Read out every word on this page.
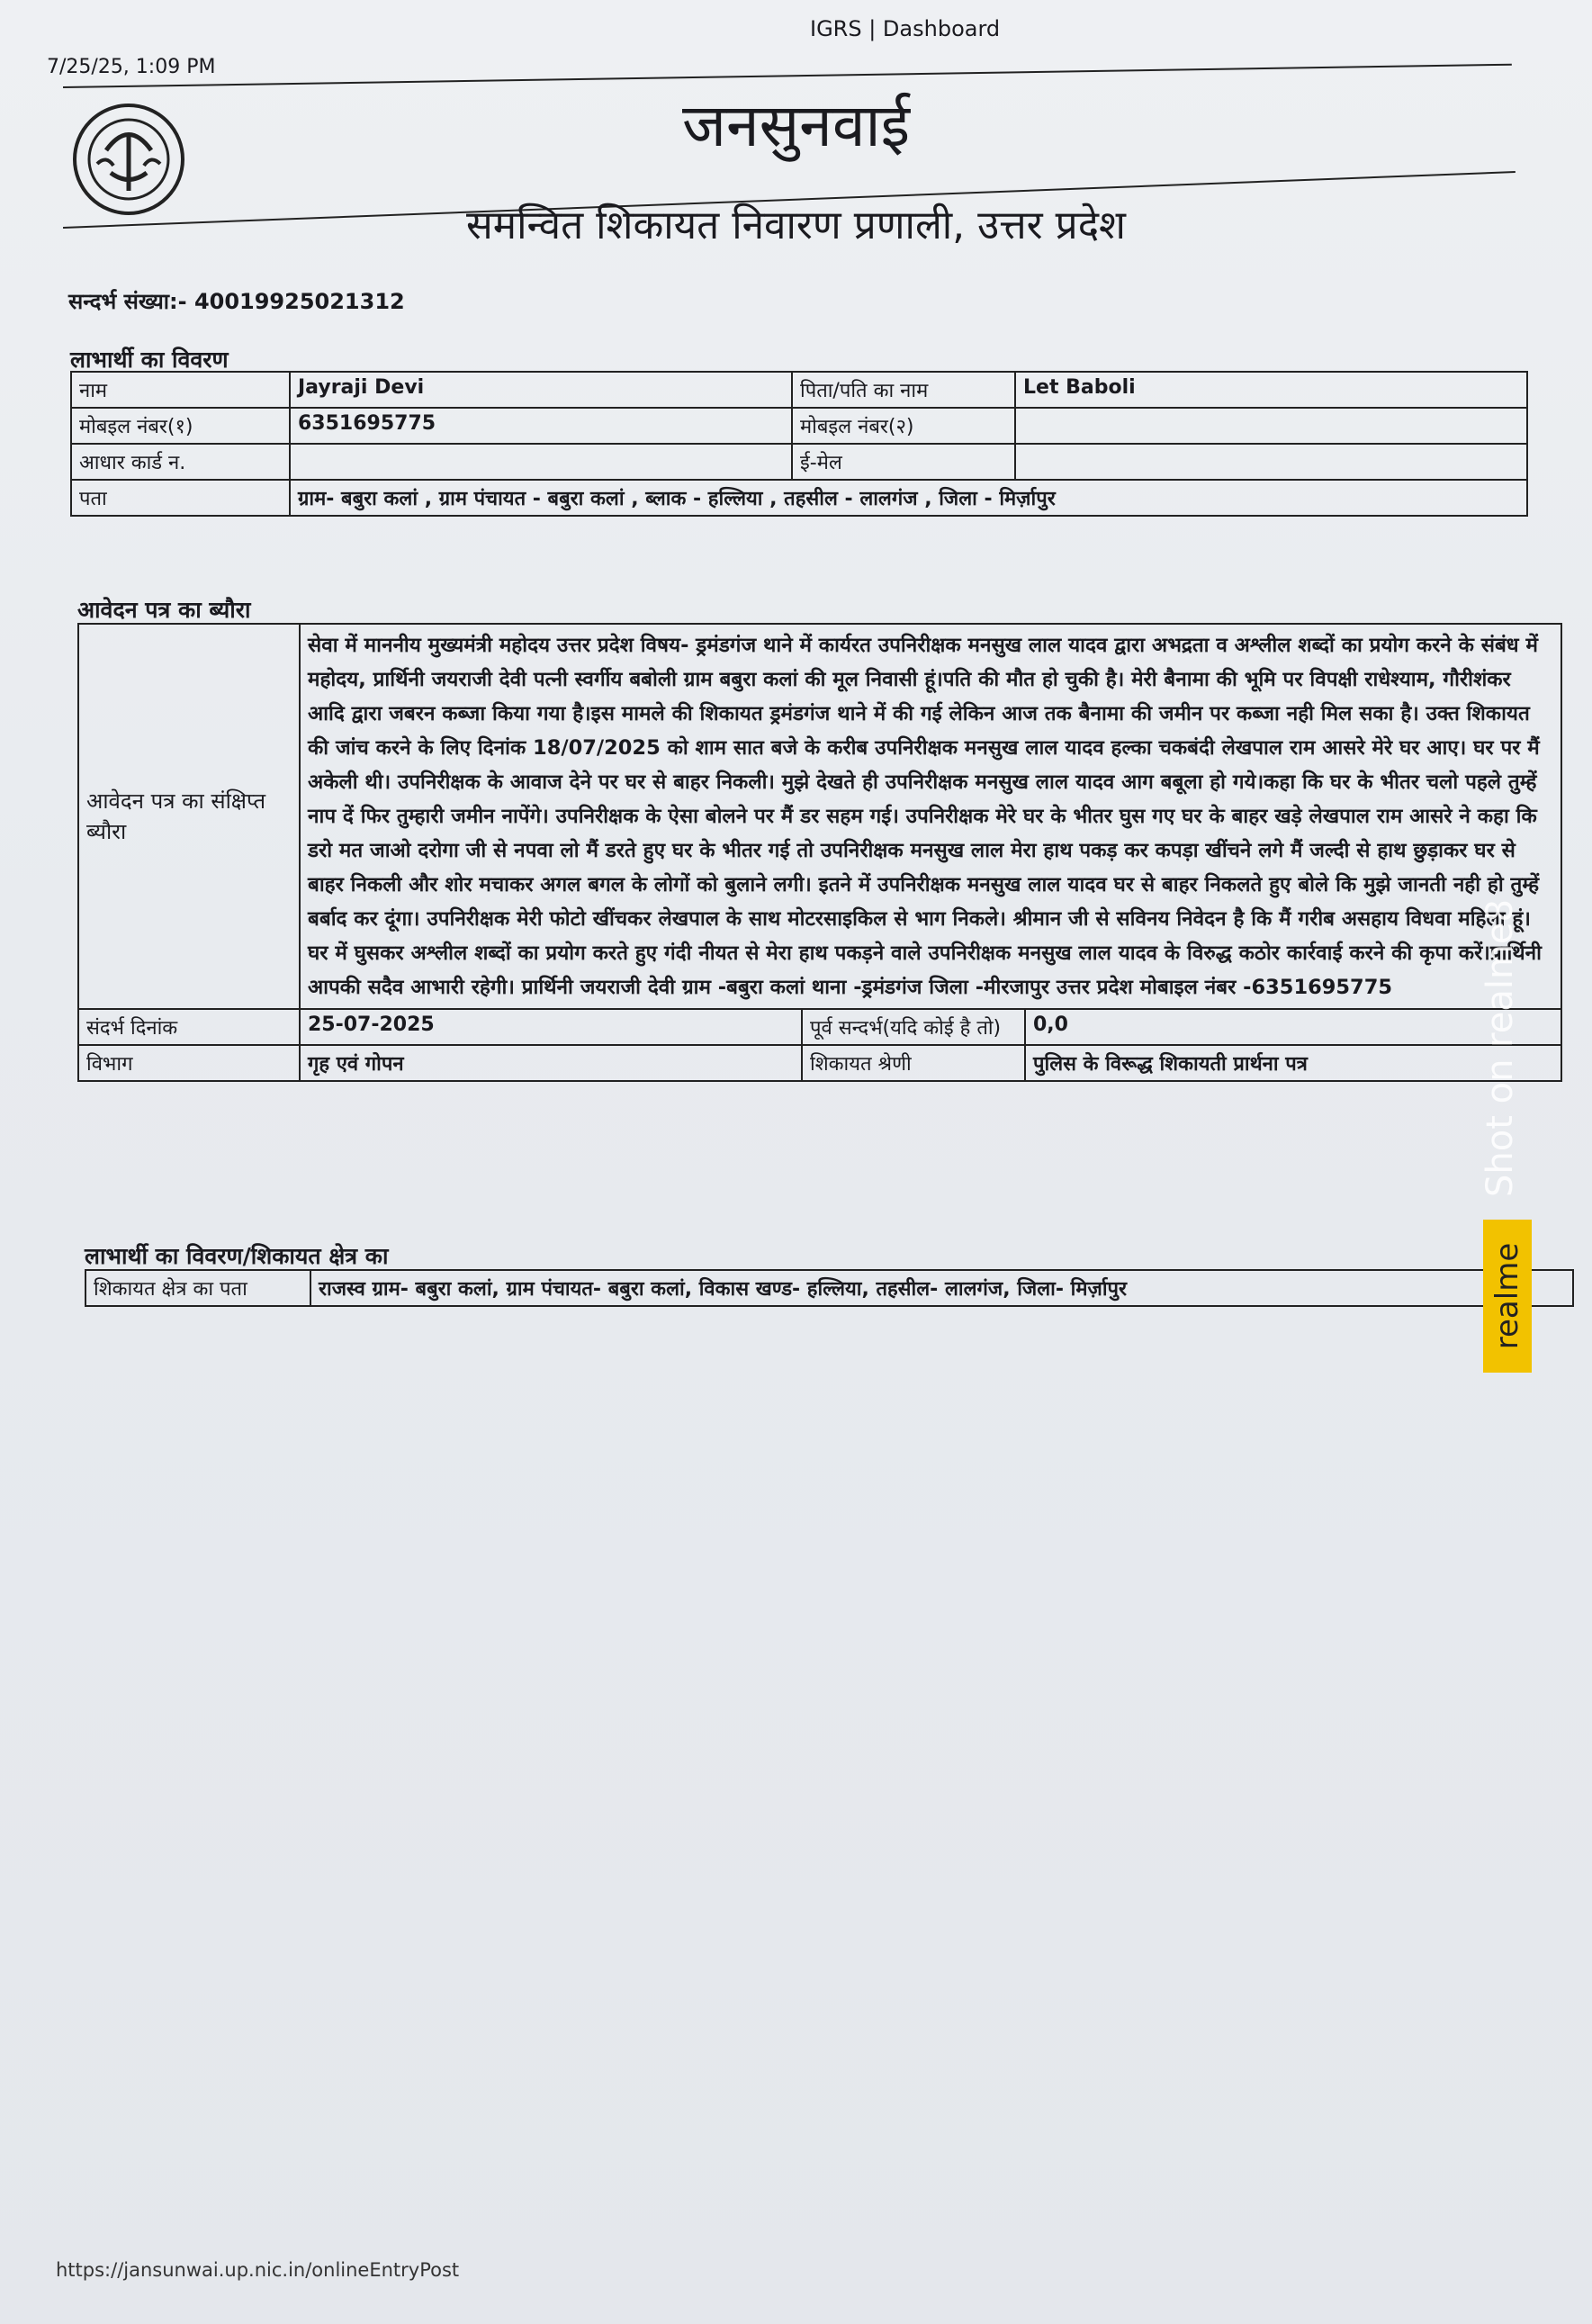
7/25/25, 1:09 PM
IGRS | Dashboard
जनसुनवाई
समन्वित शिकायत निवारण प्रणाली, उत्तर प्रदेश
सन्दर्भ संख्या:- 40019925021312
लाभार्थी का विवरण
नाम	Jayraji Devi	पिता/पति का नाम	Let Baboli
मोबइल नंबर(१)	6351695775	मोबइल नंबर(२)	
आधार कार्ड न.		ई-मेल	
पता	ग्राम- बबुरा कलां , ग्राम पंचायत - बबुरा कलां , ब्लाक - हल्लिया , तहसील - लालगंज , जिला - मिर्ज़ापुर		
आवेदन पत्र का ब्यौरा
आवेदन पत्र का संक्षिप्त ब्यौरा	सेवा में माननीय मुख्यमंत्री महोदय उत्तर प्रदेश विषय- ड्रमंडगंज थाने में कार्यरत उपनिरीक्षक मनसुख लाल यादव द्वारा अभद्रता व अश्लील शब्दों का प्रयोग करने के संबंध में महोदय, प्रार्थिनी जयराजी देवी पत्नी स्वर्गीय बबोली ग्राम बबुरा कलां की मूल निवासी हूं।पति की मौत हो चुकी है। मेरी बैनामा की भूमि पर विपक्षी राधेश्याम, गौरीशंकर आदि द्वारा जबरन कब्जा किया गया है।इस मामले की शिकायत ड्रमंडगंज थाने में की गई लेकिन आज तक बैनामा की जमीन पर कब्जा नही मिल सका है। उक्त शिकायत की जांच करने के लिए दिनांक 18/07/2025 को शाम सात बजे के करीब उपनिरीक्षक मनसुख लाल यादव हल्का चकबंदी लेखपाल राम आसरे मेरे घर आए। घर पर मैं अकेली थी। उपनिरीक्षक के आवाज देने पर घर से बाहर निकली। मुझे देखते ही उपनिरीक्षक मनसुख लाल यादव आग बबूला हो गये।कहा कि घर के भीतर चलो पहले तुम्हें नाप दें फिर तुम्हारी जमीन नापेंगे। उपनिरीक्षक के ऐसा बोलने पर मैं डर सहम गई। उपनिरीक्षक मेरे घर के भीतर घुस गए घर के बाहर खड़े लेखपाल राम आसरे ने कहा कि डरो मत जाओ दरोगा जी से नपवा लो मैं डरते हुए घर के भीतर गई तो उपनिरीक्षक मनसुख लाल मेरा हाथ पकड़ कर कपड़ा खींचने लगे मैं जल्दी से हाथ छुड़ाकर घर से बाहर निकली और शोर मचाकर अगल बगल के लोगों को बुलाने लगी। इतने में उपनिरीक्षक मनसुख लाल यादव घर से बाहर निकलते हुए बोले कि मुझे जानती नही हो तुम्हें बर्बाद कर दूंगा। उपनिरीक्षक मेरी फोटो खींचकर लेखपाल के साथ मोटरसाइकिल से भाग निकले। श्रीमान जी से सविनय निवेदन है कि मैं गरीब असहाय विधवा महिला हूं। घर में घुसकर अश्लील शब्दों का प्रयोग करते हुए गंदी नीयत से मेरा हाथ पकड़ने वाले उपनिरीक्षक मनसुख लाल यादव के विरुद्ध कठोर कार्रवाई करने की कृपा करें।प्रार्थिनी आपकी सदैव आभारी रहेगी। प्रार्थिनी जयराजी देवी ग्राम -बबुरा कलां थाना -ड्रमंडगंज जिला -मीरजापुर उत्तर प्रदेश मोबाइल नंबर -6351695775		
संदर्भ दिनांक	25-07-2025	पूर्व सन्दर्भ(यदि कोई है तो)	0,0
विभाग	गृह एवं गोपन	शिकायत श्रेणी	पुलिस के विरूद्ध शिकायती प्रार्थना पत्र
लाभार्थी का विवरण/शिकायत क्षेत्र का
शिकायत क्षेत्र का पता	राजस्व ग्राम- बबुरा कलां, ग्राम पंचायत- बबुरा कलां, विकास खण्ड- हल्लिया, तहसील- लालगंज, जिला- मिर्ज़ापुर
https://jansunwai.up.nic.in/onlineEntryPost
Shot on realme8
realme
